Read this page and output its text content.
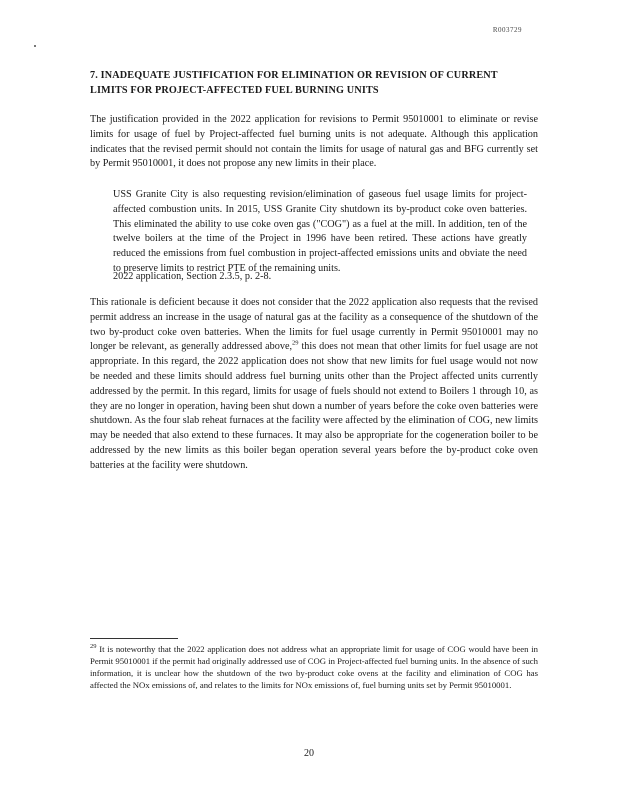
R003729
7. INADEQUATE JUSTIFICATION FOR ELIMINATION OR REVISION OF CURRENT LIMITS FOR PROJECT-AFFECTED FUEL BURNING UNITS
The justification provided in the 2022 application for revisions to Permit 95010001 to eliminate or revise limits for usage of fuel by Project-affected fuel burning units is not adequate. Although this application indicates that the revised permit should not contain the limits for usage of natural gas and BFG currently set by Permit 95010001, it does not propose any new limits in their place.
USS Granite City is also requesting revision/elimination of gaseous fuel usage limits for project-affected combustion units. In 2015, USS Granite City shutdown its by-product coke oven batteries. This eliminated the ability to use coke oven gas ("COG") as a fuel at the mill. In addition, ten of the twelve boilers at the time of the Project in 1996 have been retired. These actions have greatly reduced the emissions from fuel combustion in project-affected emissions units and obviate the need to preserve limits to restrict PTE of the remaining units.
2022 application, Section 2.3.5, p. 2-8.
This rationale is deficient because it does not consider that the 2022 application also requests that the revised permit address an increase in the usage of natural gas at the facility as a consequence of the shutdown of the two by-product coke oven batteries. When the limits for fuel usage currently in Permit 95010001 may no longer be relevant, as generally addressed above,$^{29}$ this does not mean that other limits for fuel usage are not appropriate. In this regard, the 2022 application does not show that new limits for fuel usage would not now be needed and these limits should address fuel burning units other than the Project affected units currently addressed by the permit. In this regard, limits for usage of fuels should not extend to Boilers 1 through 10, as they are no longer in operation, having been shut down a number of years before the coke oven batteries were shutdown. As the four slab reheat furnaces at the facility were affected by the elimination of COG, new limits may be needed that also extend to these furnaces. It may also be appropriate for the cogeneration boiler to be addressed by the new limits as this boiler began operation several years before the by-product coke oven batteries at the facility were shutdown.
$^{29}$ It is noteworthy that the 2022 application does not address what an appropriate limit for usage of COG would have been in Permit 95010001 if the permit had originally addressed use of COG in Project-affected fuel burning units. In the absence of such information, it is unclear how the shutdown of the two by-product coke ovens at the facility and elimination of COG has affected the NOx emissions of, and relates to the limits for NOx emissions of, fuel burning units set by Permit 95010001.
20
